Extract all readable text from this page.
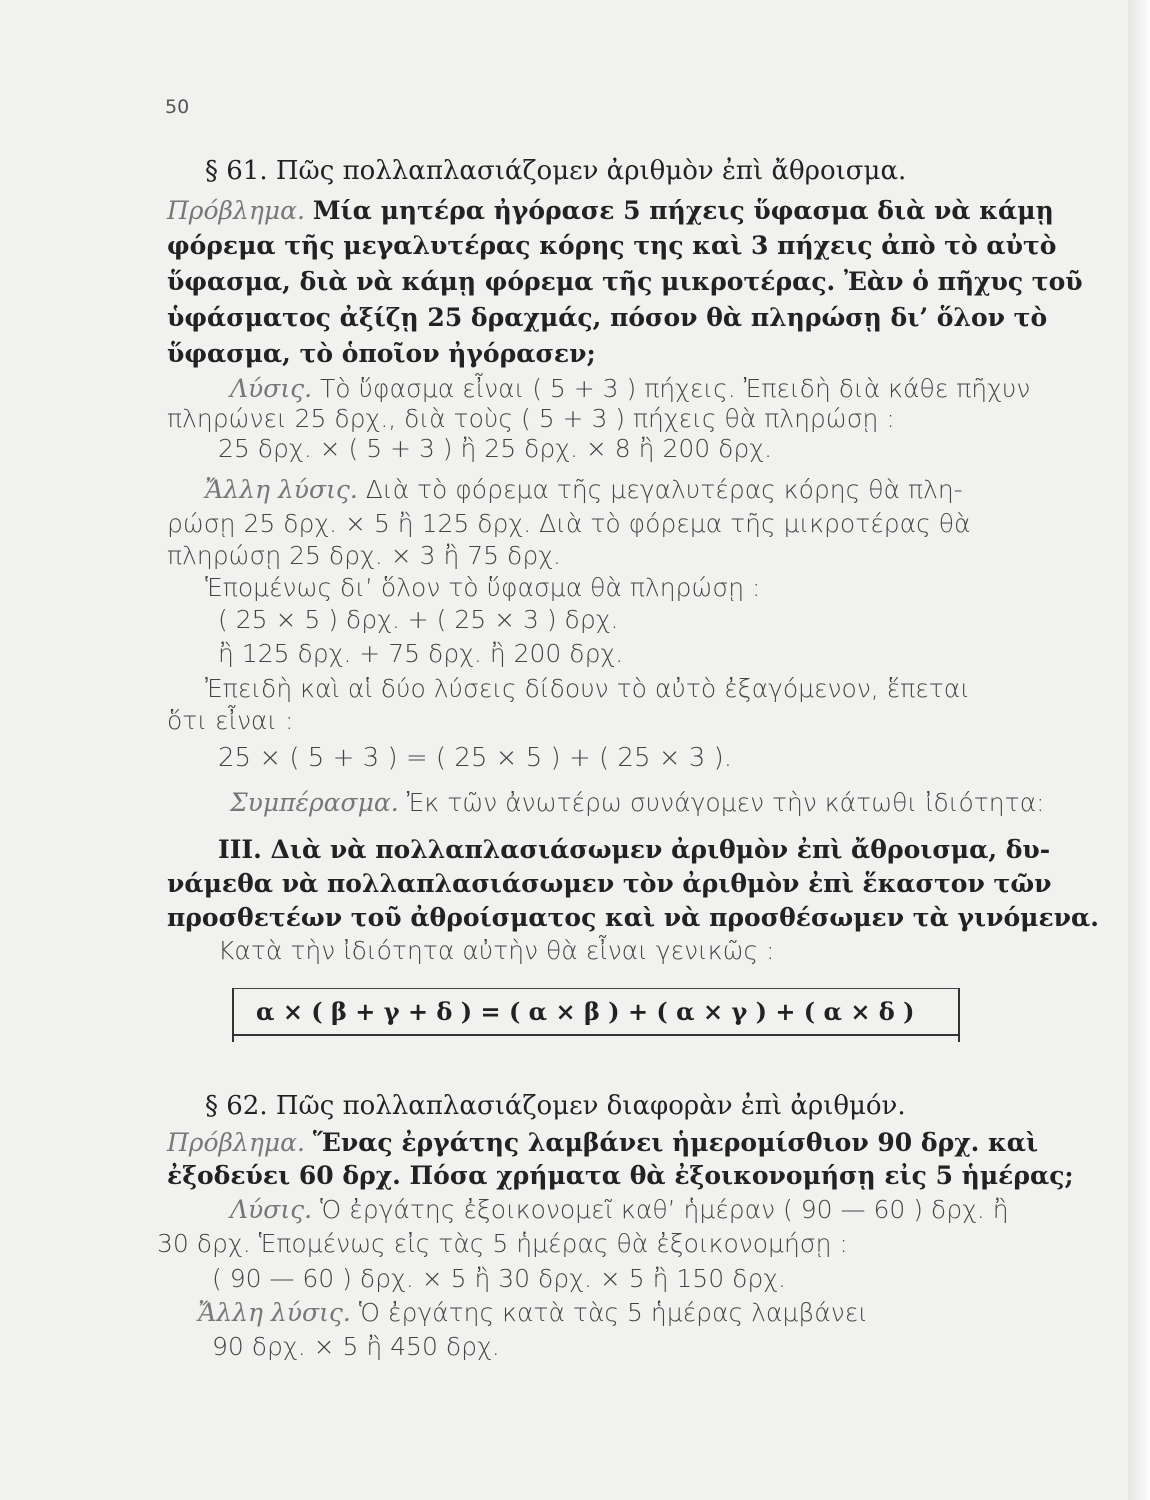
50
§ 61. Πῶς πολλαπλασιάζομεν ἀριθμὸν ἐπὶ ἄθροισμα.
Πρόβλημα. Μία μητέρα ἠγόρασε 5 πήχεις ὕφασμα διὰ νὰ κάμῃ
φόρεμα τῆς μεγαλυτέρας κόρης της καὶ 3 πήχεις ἀπὸ τὸ αὐτὸ
ὕφασμα, διὰ νὰ κάμῃ φόρεμα τῆς μικροτέρας. Ἐὰν ὁ πῆχυς τοῦ
ὑφάσματος ἀξίζῃ 25 δραχμάς, πόσον θὰ πληρώσῃ δι’ ὅλον τὸ
ὕφασμα, τὸ ὁποῖον ἠγόρασεν;
Λύσις. Τὸ ὕφασμα εἶναι ( 5 + 3 ) πήχεις. Ἐπειδὴ διὰ κάθε πῆχυν
πληρώνει 25 δρχ., διὰ τοὺς ( 5 + 3 ) πήχεις θὰ πληρώσῃ :
25 δρχ. × ( 5 + 3 ) ἢ 25 δρχ. × 8 ἢ 200 δρχ.
Ἄλλη λύσις. Διὰ τὸ φόρεμα τῆς μεγαλυτέρας κόρης θὰ πλη-
ρώσῃ 25 δρχ. × 5 ἢ 125 δρχ. Διὰ τὸ φόρεμα τῆς μικροτέρας θὰ
πληρώσῃ 25 δρχ. × 3 ἢ 75 δρχ.
Ἑπομένως δι’ ὅλον τὸ ὕφασμα θὰ πληρώσῃ :
( 25 × 5 ) δρχ. + ( 25 × 3 ) δρχ.
ἢ 125 δρχ. + 75 δρχ. ἢ 200 δρχ.
Ἐπειδὴ καὶ αἱ δύο λύσεις δίδουν τὸ αὐτὸ ἐξαγόμενον, ἕπεται
ὅτι εἶναι :
25 × ( 5 + 3 ) = ( 25 × 5 ) + ( 25 × 3 ).
Συμπέρασμα. Ἐκ τῶν ἀνωτέρω συνάγομεν τὴν κάτωθι ἰδιότητα:
ΙΙΙ. Διὰ νὰ πολλαπλασιάσωμεν ἀριθμὸν ἐπὶ ἄθροισμα, δυ-
νάμεθα νὰ πολλαπλασιάσωμεν τὸν ἀριθμὸν ἐπὶ ἕκαστον τῶν
προσθετέων τοῦ ἀθροίσματος καὶ νὰ προσθέσωμεν τὰ γινόμενα.
Κατὰ τὴν ἰδιότητα αὐτὴν θὰ εἶναι γενικῶς :
α × ( β + γ + δ ) = ( α × β ) + ( α × γ ) + ( α × δ )
§ 62. Πῶς πολλαπλασιάζομεν διαφορὰν ἐπὶ ἀριθμόν.
Πρόβλημα. Ἕνας ἐργάτης λαμβάνει ἡμερομίσθιον 90 δρχ. καὶ
ἐξοδεύει 60 δρχ. Πόσα χρήματα θὰ ἐξοικονομήσῃ εἰς 5 ἡμέρας;
Λύσις. Ὁ ἐργάτης ἐξοικονομεῖ καθ’ ἡμέραν ( 90 — 60 ) δρχ. ἢ
30 δρχ. Ἑπομένως εἰς τὰς 5 ἡμέρας θὰ ἐξοικονομήσῃ :
( 90 — 60 ) δρχ. × 5 ἢ 30 δρχ. × 5 ἢ 150 δρχ.
Ἄλλη λύσις. Ὁ ἐργάτης κατὰ τὰς 5 ἡμέρας λαμβάνει
90 δρχ. × 5 ἢ 450 δρχ.
